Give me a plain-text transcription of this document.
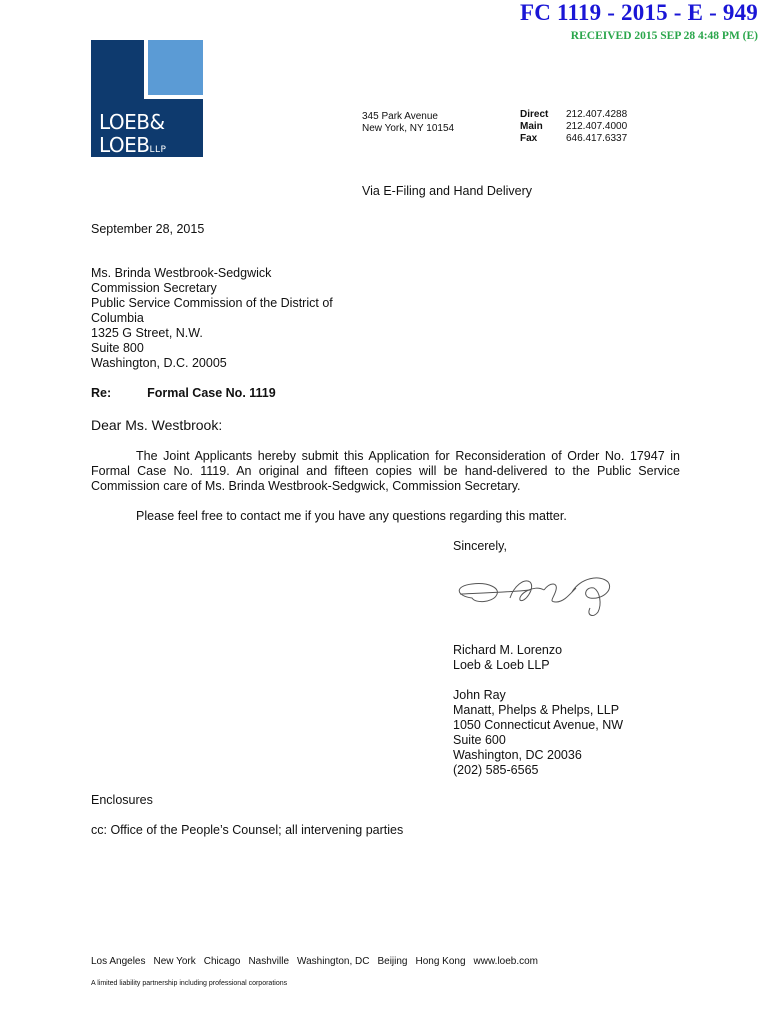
FC 1119 - 2015 - E - 949
RECEIVED 2015 SEP 28 4:48 PM (E)
LOEB&
LOEBLLP
345 Park Avenue
New York, NY 10154
Direct	212.407.4288
Main	212.407.4000
Fax	646.417.6337
Via E-Filing and Hand Delivery
September 28, 2015
Ms. Brinda Westbrook-Sedgwick
Commission Secretary
Public Service Commission of the District of Columbia
1325 G Street, N.W.
Suite 800
Washington, D.C. 20005
Re:	Formal Case No. 1119
Dear Ms. Westbrook:
The Joint Applicants hereby submit this Application for Reconsideration of Order No. 17947 in Formal Case No. 1119. An original and fifteen copies will be hand-delivered to the Public Service Commission care of Ms. Brinda Westbrook-Sedgwick, Commission Secretary.
Please feel free to contact me if you have any questions regarding this matter.
Sincerely,
Richard M. Lorenzo
Loeb & Loeb LLP
John Ray
Manatt, Phelps & Phelps, LLP
1050 Connecticut Avenue, NW
Suite 600
Washington, DC 20036
(202) 585-6565
Enclosures
cc: Office of the People’s Counsel; all intervening parties
Los Angeles New York Chicago Nashville Washington, DC Beijing Hong Kong www.loeb.com
A limited liability partnership including professional corporations
